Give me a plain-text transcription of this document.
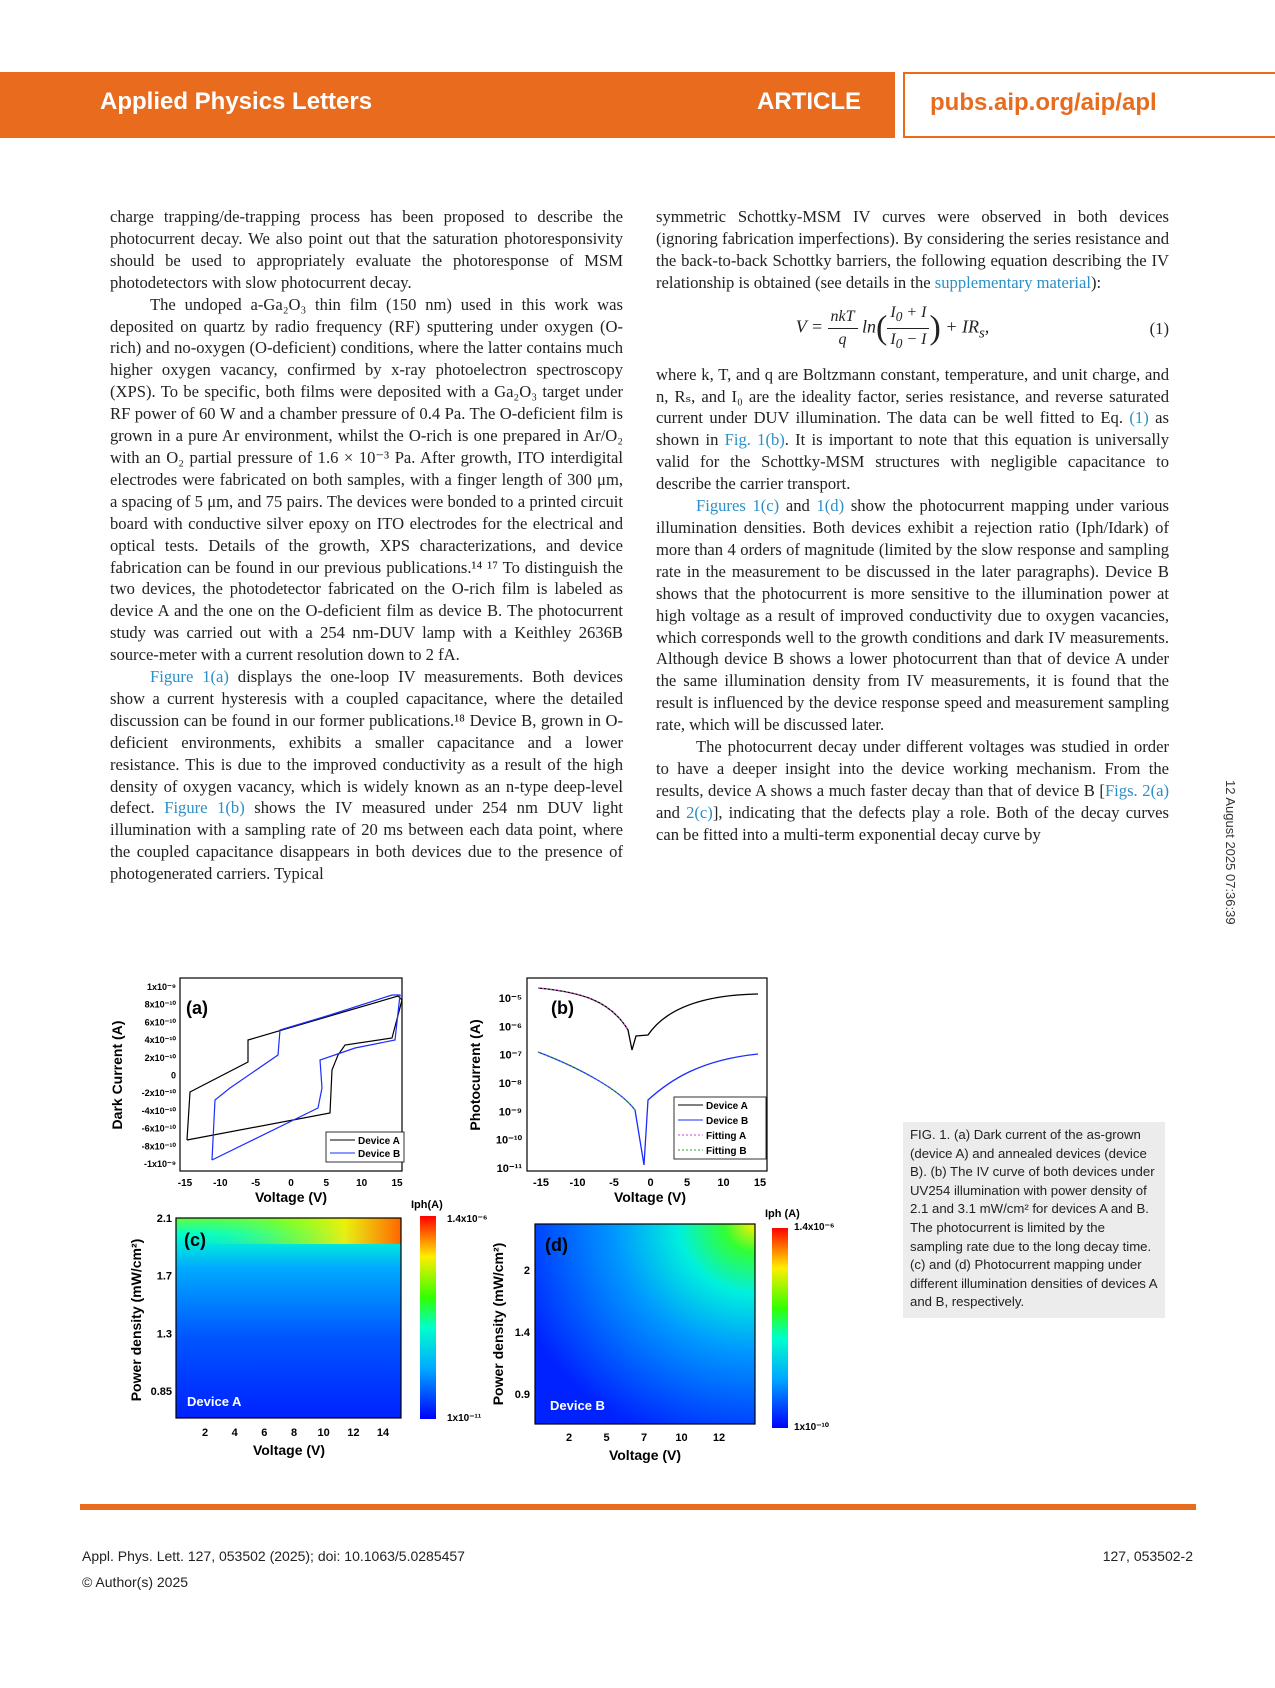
Applied Physics Letters	ARTICLE	pubs.aip.org/aip/apl

charge trapping/de-trapping process has been proposed to describe the photocurrent decay. We also point out that the saturation photoresponsivity should be used to appropriately evaluate the photoresponse of MSM photodetectors with slow photocurrent decay.

The undoped a-Ga₂O₃ thin film (150 nm) used in this work was deposited on quartz by radio frequency (RF) sputtering under oxygen (O-rich) and no-oxygen (O-deficient) conditions, where the latter contains much higher oxygen vacancy, confirmed by x-ray photoelectron spectroscopy (XPS). To be specific, both films were deposited with a Ga₂O₃ target under RF power of 60 W and a chamber pressure of 0.4 Pa. The O-deficient film is grown in a pure Ar environment, whilst the O-rich is one prepared in Ar/O₂ with an O₂ partial pressure of 1.6 × 10⁻³ Pa. After growth, ITO interdigital electrodes were fabricated on both samples, with a finger length of 300 μm, a spacing of 5 μm, and 75 pairs. The devices were bonded to a printed circuit board with conductive silver epoxy on ITO electrodes for the electrical and optical tests. Details of the growth, XPS characterizations, and device fabrication can be found in our previous publications.¹⁴ ¹⁷ To distinguish the two devices, the photodetector fabricated on the O-rich film is labeled as device A and the one on the O-deficient film as device B. The photocurrent study was carried out with a 254 nm-DUV lamp with a Keithley 2636B source-meter with a current resolution down to 2 fA.

Figure 1(a) displays the one-loop IV measurements. Both devices show a current hysteresis with a coupled capacitance, where the detailed discussion can be found in our former publications.¹⁸ Device B, grown in O-deficient environments, exhibits a smaller capacitance and a lower resistance. This is due to the improved conductivity as a result of the high density of oxygen vacancy, which is widely known as an n-type deep-level defect. Figure 1(b) shows the IV measured under 254 nm DUV light illumination with a sampling rate of 20 ms between each data point, where the coupled capacitance disappears in both devices due to the presence of photogenerated carriers. Typical

symmetric Schottky-MSM IV curves were observed in both devices (ignoring fabrication imperfections). By considering the series resistance and the back-to-back Schottky barriers, the following equation describing the IV relationship is obtained (see details in the supplementary material):

$V = \frac{\text{nkT}}{q} \ln( \frac{I_0 + I}{I_0 - I}$ ) + $IR_s$,	(1)

where k, T, and q are Boltzmann constant, temperature, and unit charge, and n, Rₛ, and I₀ are the ideality factor, series resistance, and reverse saturated current under DUV illumination. The data can be well fitted to Eq. (1) as shown in Fig. 1(b). It is important to note that this equation is universally valid for the Schottky-MSM structures with negligible capacitance to describe the carrier transport.

Figures 1(c) and 1(d) show the photocurrent mapping under various illumination densities. Both devices exhibit a rejection ratio (Iph/Idark) of more than 4 orders of magnitude (limited by the slow response and sampling rate in the measurement to be discussed in the later paragraphs). Device B shows that the photocurrent is more sensitive to the illumination power at high voltage as a result of improved conductivity due to oxygen vacancies, which corresponds well to the growth conditions and dark IV measurements. Although device B shows a lower photocurrent than that of device A under the same illumination density from IV measurements, it is found that the result is influenced by the device response speed and measurement sampling rate, which will be discussed later.

The photocurrent decay under different voltages was studied in order to have a deeper insight into the device working mechanism. From the results, device A shows a much faster decay than that of device B [Figs. 2(a) and 2(c)], indicating that the defects play a role. Both of the decay curves can be fitted into a multi-term exponential decay curve by	12 August 2025 07:36:39
(a)
1x10⁻⁹
8x10⁻¹⁰
6x10⁻¹⁰
4x10⁻¹⁰
2x10⁻¹⁰
0
-2x10⁻¹⁰
-4x10⁻¹⁰
-6x10⁻¹⁰
-8x10⁻¹⁰
-1x10⁻⁹
-15 -10 -5	0	5	10 15
Dark Current (A)
Voltage (V)
Device A
Device B
(b)
10⁻⁵
10⁻⁶
10⁻⁷
10⁻⁸
10⁻⁹
10⁻¹⁰
10⁻¹¹
-15 -10 -5	0	5 10 15
Photocurrent (A)
Voltage (V)
Device A
Device B
Fitting A
Fitting B
(c)
Device A
2.1
1.7
1.3
0.85
2 4 6 8 10 12 14
Power density (mW/cm²)
Voltage (V)
Iph(A)
1.4x10⁻⁶
1x10⁻¹¹
(d)
Device B
2
1.4
0.9
2	5	7	10 12
Power density (mW/cm²)
Voltage (V)
Iph (A)
1.4x10⁻⁶
1x10⁻¹⁰
FIG. 1. (a) Dark current of the as-grown (device A) and annealed devices (device B). (b) The IV curve of both devices under UV254 illumination with power density of 2.1 and 3.1 mW/cm² for devices A and B. The photocurrent is limited by the sampling rate due to the long decay time. (c) and (d) Photocurrent mapping under different illumination densities of devices A and B, respectively.
Appl. Phys. Lett. 127, 053502 (2025); doi: 10.1063/5.0285457
© Author(s) 2025
127, 053502-2
